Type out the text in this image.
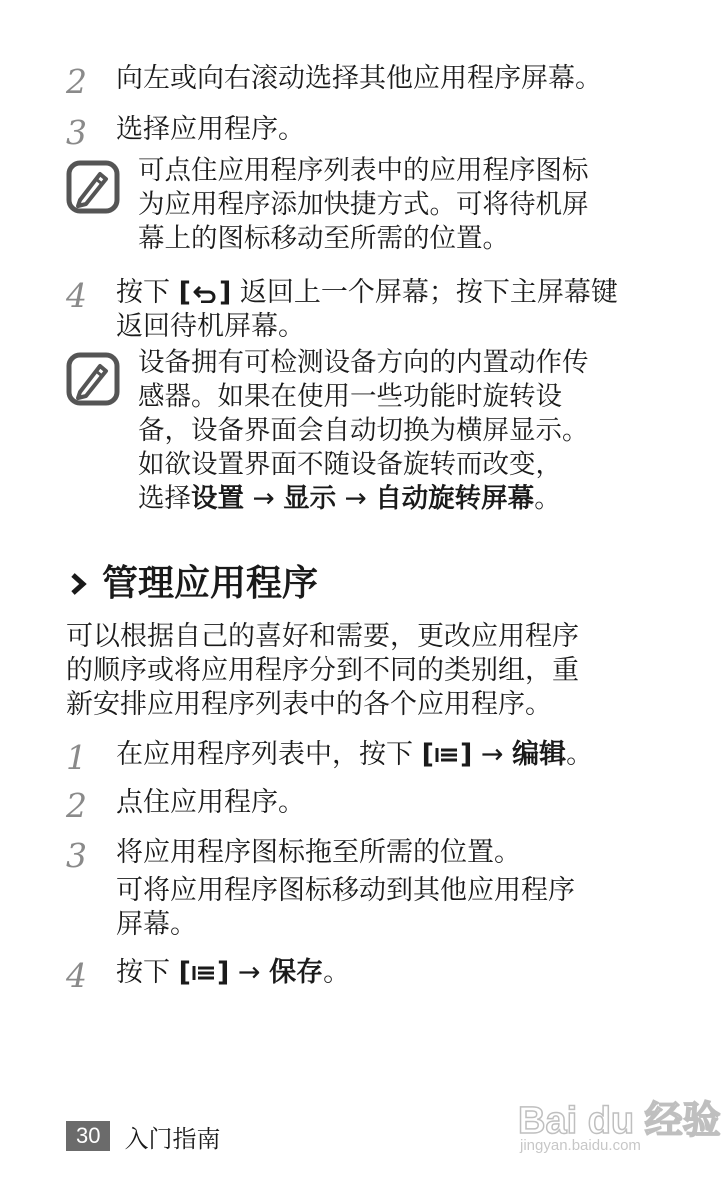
2	向左或向右滚动选择其他应用程序屏幕。
3	选择应用程序。
可点住应用程序列表中的应用程序图标
为应用程序添加快捷方式。可将待机屏
幕上的图标移动至所需的位置。
4	按下 [ ] 返回上一个屏幕；按下主屏幕键
返回待机屏幕。
设备拥有可检测设备方向的内置动作传
感器。如果在使用一些功能时旋转设
备，设备界面会自动切换为横屏显示。
如欲设置界面不随设备旋转而改变，
选择设置 → 显示 → 自动旋转屏幕。
管理应用程序
可以根据自己的喜好和需要，更改应用程序
的顺序或将应用程序分到不同的类别组，重
新安排应用程序列表中的各个应用程序。
1	在应用程序列表中，按下 [ ] → 编辑。
2	点住应用程序。
3	将应用程序图标拖至所需的位置。
可将应用程序图标移动到其他应用程序
屏幕。
4	按下 [ ] → 保存。
30	入门指南	Bai du 经验
jingyan.baidu.com
